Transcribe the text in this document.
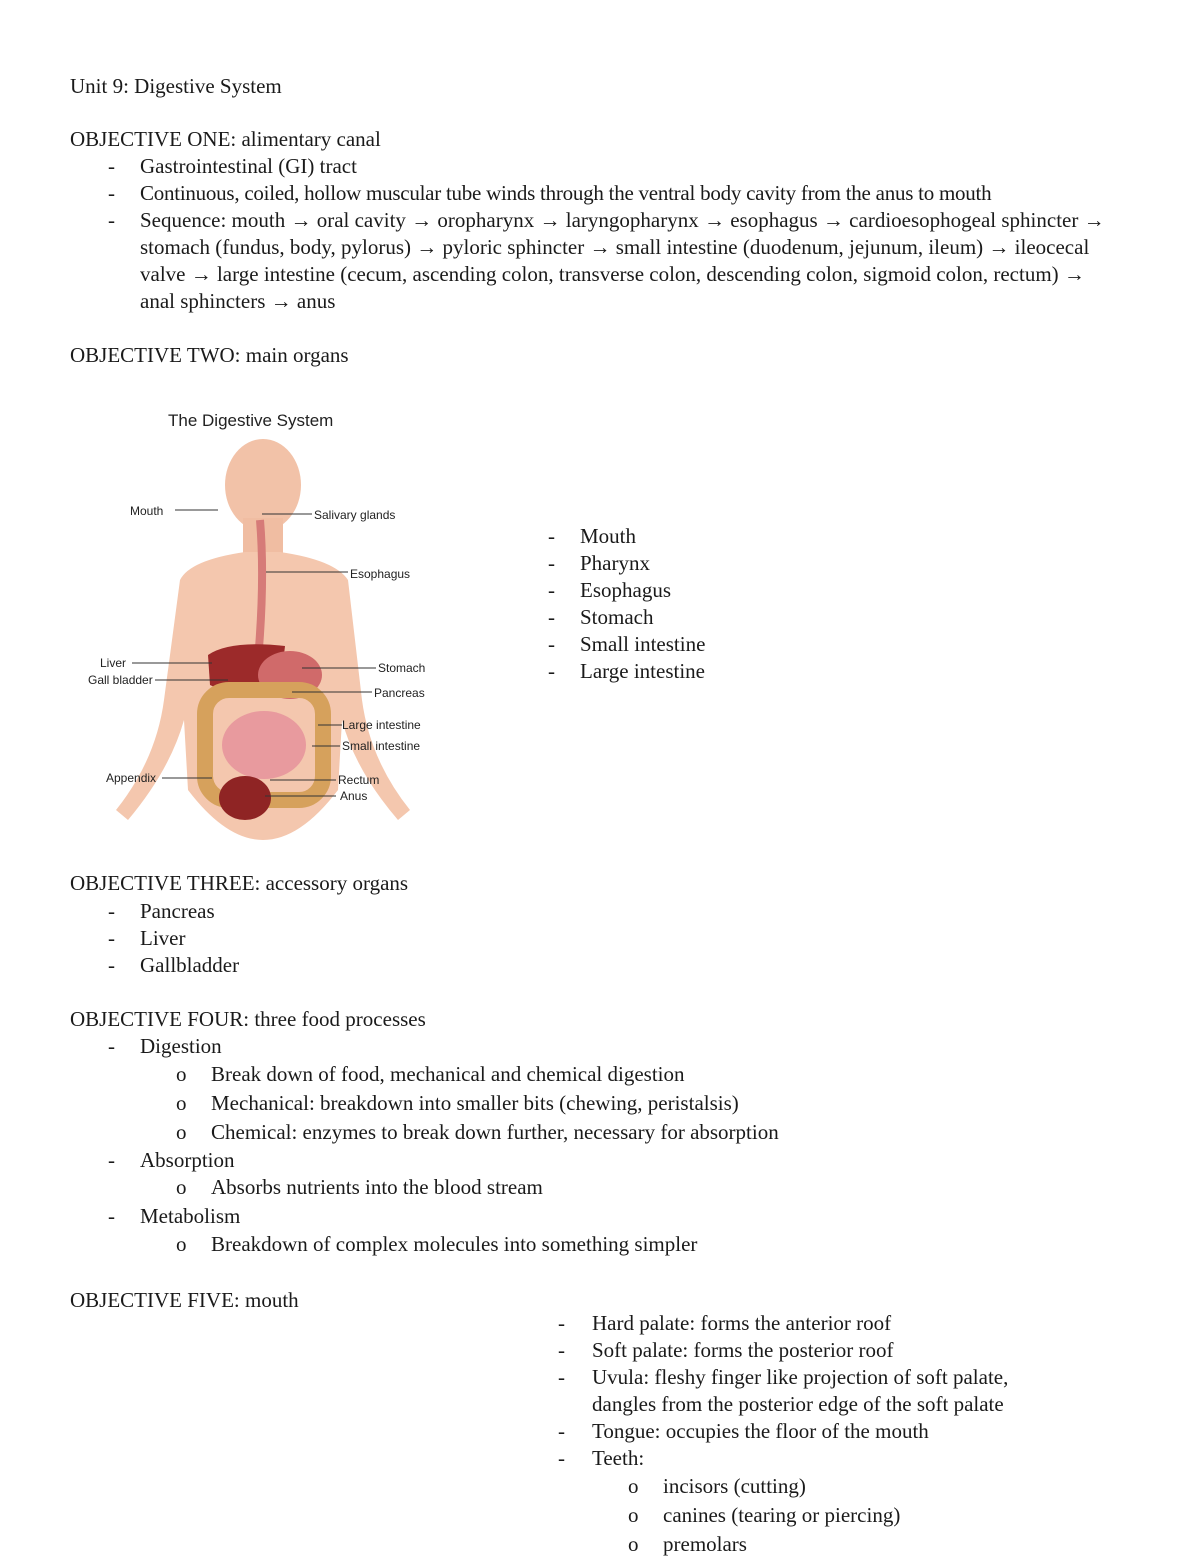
Unit 9: Digestive System
OBJECTIVE ONE: alimentary canal
- Gastrointestinal (GI) tract
- Continuous, coiled, hollow muscular tube winds through the ventral body cavity from the anus to mouth
- Sequence: mouth → oral cavity → oropharynx → laryngopharynx → esophagus → cardioesophogeal sphincter → stomach (fundus, body, pylorus) → pyloric sphincter → small intestine (duodenum, jejunum, ileum) → ileocecal valve → large intestine (cecum, ascending colon, transverse colon, descending colon, sigmoid colon, rectum) → anal sphincters → anus
OBJECTIVE TWO: main organs
The Digestive System
Mouth	Salivary glands
Esophagus
Liver
Gall bladder
Stomach
Pancreas
Large intestine
Small intestine
Appendix	Rectum
Anus
- Mouth
- Pharynx
- Esophagus
- Stomach
- Small intestine
- Large intestine
OBJECTIVE THREE: accessory organs
- Pancreas
- Liver
- Gallbladder
OBJECTIVE FOUR: three food processes
- Digestion
o Break down of food, mechanical and chemical digestion
o Mechanical: breakdown into smaller bits (chewing, peristalsis)
o Chemical: enzymes to break down further, necessary for absorption
- Absorption
o Absorbs nutrients into the blood stream
- Metabolism
o Breakdown of complex molecules into something simpler
OBJECTIVE FIVE: mouth
- Hard palate: forms the anterior roof
- Soft palate: forms the posterior roof
- Uvula: fleshy finger like projection of soft palate, dangles from the posterior edge of the soft palate
- Tongue: occupies the floor of the mouth
- Teeth:
o incisors (cutting)
o canines (tearing or piercing)
o premolars
